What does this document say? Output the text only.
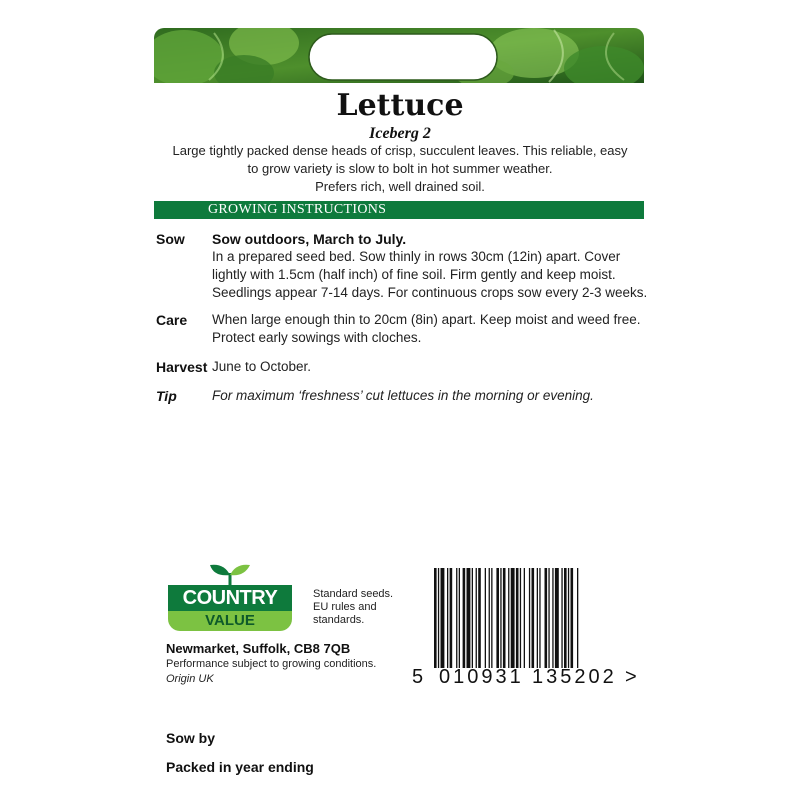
Lettuce
Iceberg 2
Large tightly packed dense heads of crisp, succulent leaves. This reliable, easy
to grow variety is slow to bolt in hot summer weather.
Prefers rich, well drained soil.
GROWING INSTRUCTIONS
Sow Sow outdoors, March to July.
In a prepared seed bed. Sow thinly in rows 30cm (12in) apart. Cover
lightly with 1.5cm (half inch) of fine soil. Firm gently and keep moist.
Seedlings appear 7-14 days. For continuous crops sow every 2-3 weeks.
Care When large enough thin to 20cm (8in) apart. Keep moist and weed free.
Protect early sowings with cloches.
Harvest June to October.
Tip	For maximum ‘freshness’ cut lettuces in the morning or evening.
COUNTRY
VALUE
Standard seeds.
EU rules and
standards.
Newmarket, Suffolk, CB8 7QB
Performance subject to growing conditions.
Origin UK	5 010931 135202 >
Sow by
Packed in year ending
